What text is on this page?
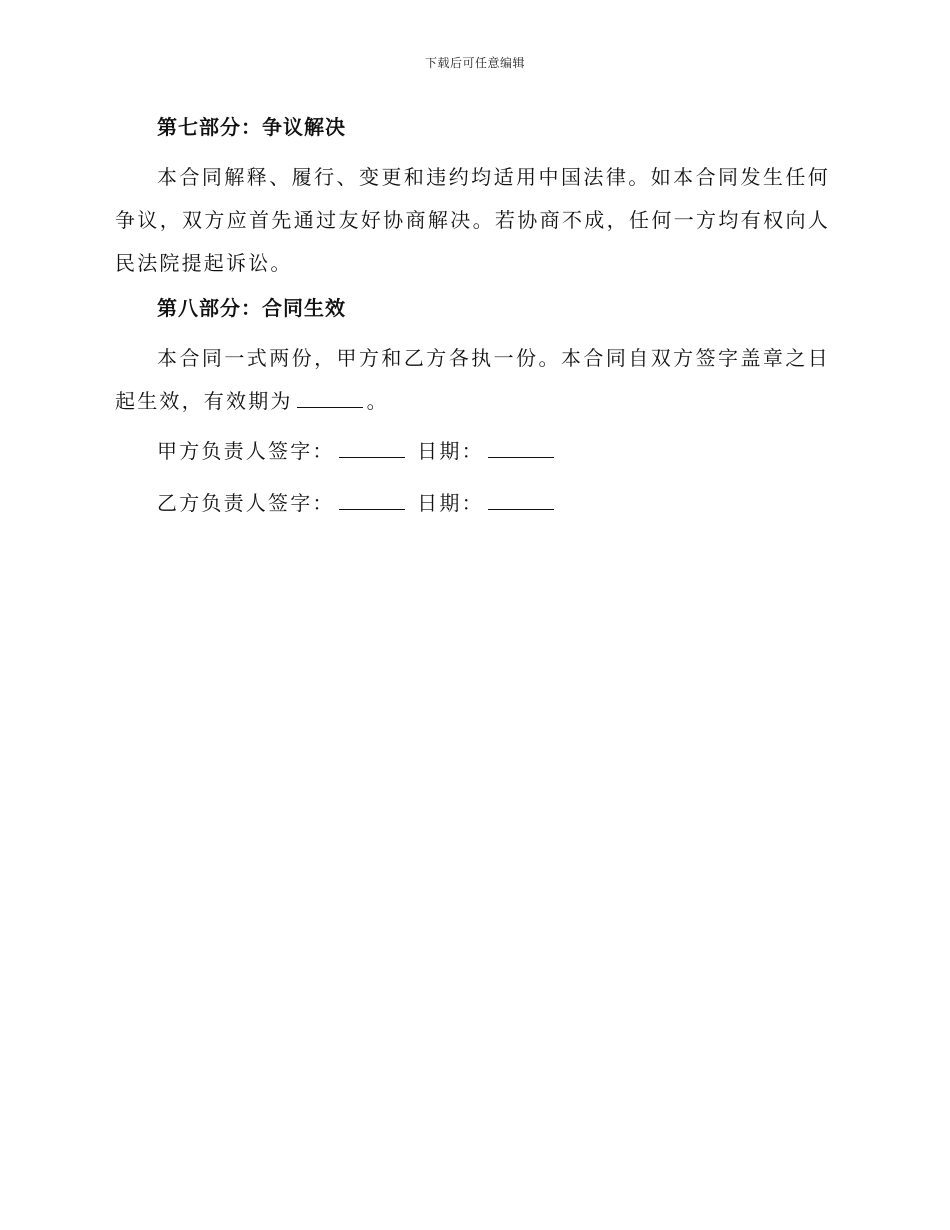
下载后可任意编辑
第七部分：争议解决

本合同解释、履行、变更和违约均适用中国法律。如本合同发生任何争议，双方应首先通过友好协商解决。若协商不成，任何一方均有权向人民法院提起诉讼。

第八部分：合同生效

本合同一式两份，甲方和乙方各执一份。本合同自双方签字盖章之日起生效，有效期为	。

甲方负责人签字：	日期：
乙方负责人签字：	日期：
